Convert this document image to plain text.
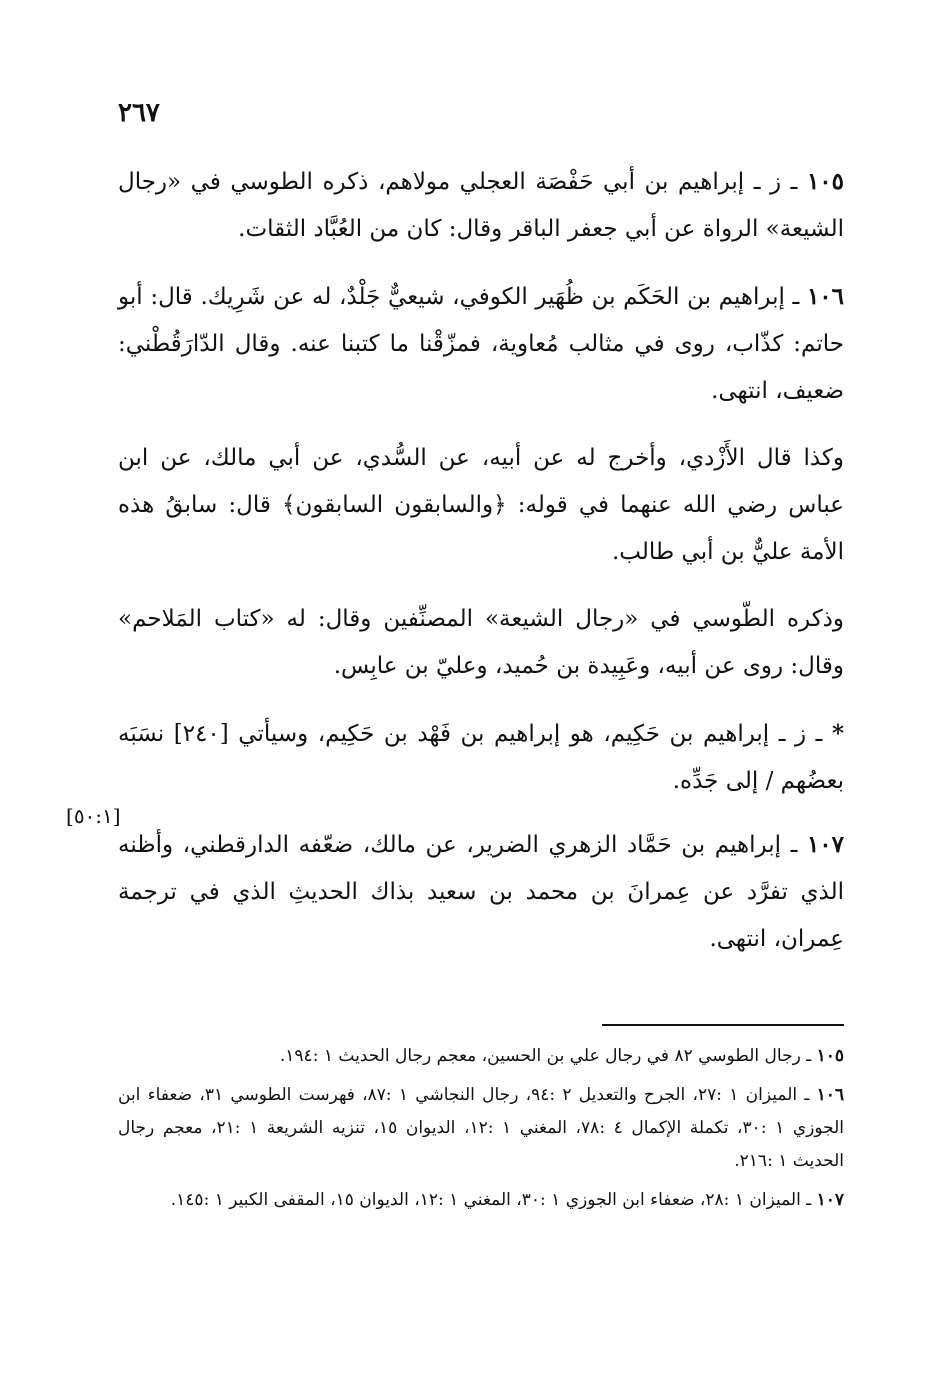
٢٦٧

١٠٥ ـ ز ـ إبراهيم بن أبي حَفْصَة العجلي مولاهم، ذكره الطوسي في «رجال الشيعة» الرواة عن أبي جعفر الباقر وقال: كان من العُبَّاد الثقات.

١٠٦ ـ إبراهيم بن الحَكَم بن ظُهَير الكوفي، شيعيٌّ جَلْدٌ، له عن شَرِيك. قال: أبو حاتم: كذّاب، روى في مثالب مُعاوية، فمزّقْنا ما كتبنا عنه. وقال الدّارَقُطْني: ضعيف، انتهى.

وكذا قال الأَزْدي، وأخرج له عن أبيه، عن السُّدي، عن أبي مالك، عن ابن عباس رضي الله عنهما في قوله: ﴿والسابقون السابقون﴾ قال: سابقُ هذه الأمة عليٌّ بن أبي طالب.

وذكره الطّوسي في «رجال الشيعة» المصنِّفين وقال: له «كتاب المَلاحم» وقال: روى عن أبيه، وعَبِيدة بن حُميد، وعليّ بن عابِس.

* ـ ز ـ إبراهيم بن حَكِيم، هو إبراهيم بن فَهْد بن حَكِيم، وسيأتي [٢٤٠] نسَبَه بعضُهم / إلى جَدِّه.

١٠٧ ـ إبراهيم بن حَمَّاد الزهري الضرير، عن مالك، ضعّفه الدارقطني، وأظنه الذي تفرَّد عن عِمرانَ بن محمد بن سعيد بذاك الحديثِ الذي في ترجمة عِمران، انتهى.

[٥٠:١]

١٠٥ ـ رجال الطوسي ٨٢ في رجال علي بن الحسين، معجم رجال الحديث ١ :١٩٤.

١٠٦ ـ الميزان ١ :٢٧، الجرح والتعديل ٢ :٩٤، رجال النجاشي ١ :٨٧، فهرست الطوسي ٣١، ضعفاء ابن الجوزي ١ :٣٠، تكملة الإكمال ٤ :٧٨، المغني ١ :١٢، الديوان ١٥، تنزيه الشريعة ١ :٢١، معجم رجال الحديث ١ :٢١٦.

١٠٧ ـ الميزان ١ :٢٨، ضعفاء ابن الجوزي ١ :٣٠، المغني ١ :١٢، الديوان ١٥، المقفى الكبير ١ :١٤٥.
